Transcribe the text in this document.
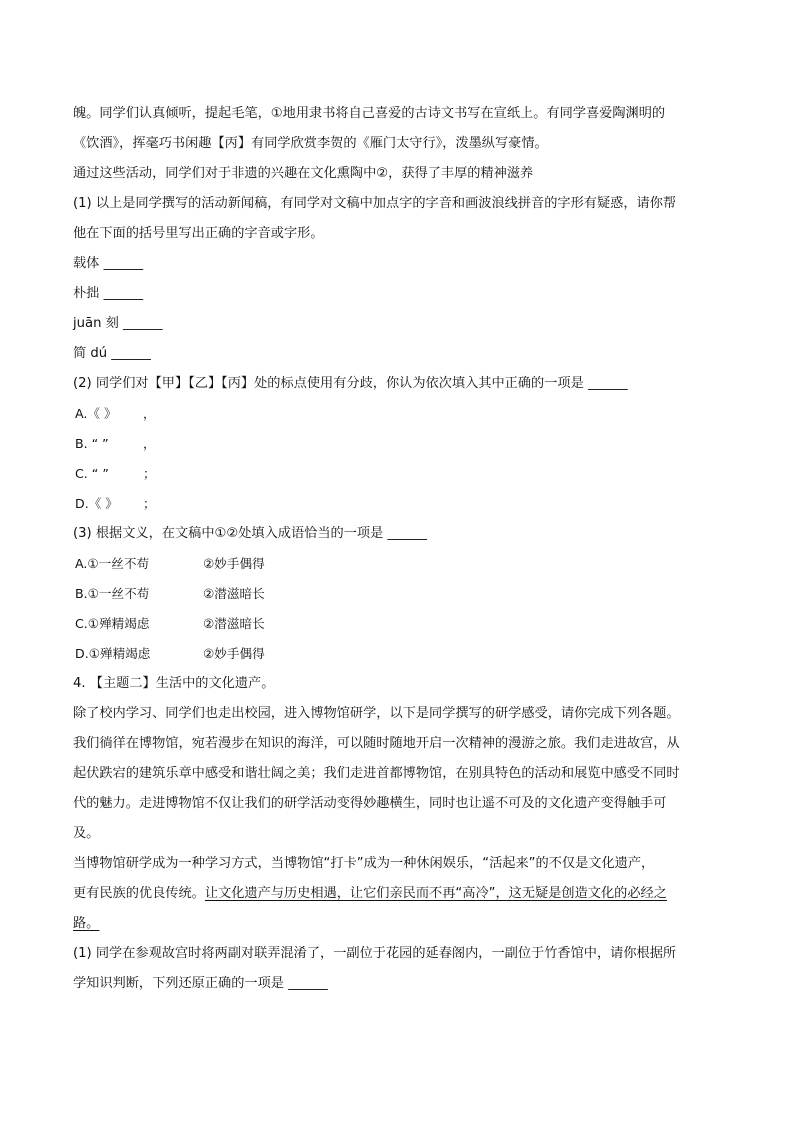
魄。同学们认真倾听，提起毛笔，①地用隶书将自己喜爱的古诗文书写在宣纸上。有同学喜爱陶渊明的
《饮酒》，挥毫巧书闲趣【丙】有同学欣赏李贺的《雁门太守行》，泼墨纵写豪情。
通过这些活动，同学们对于非遗的兴趣在文化熏陶中②，获得了丰厚的精神滋养
(1) 以上是同学撰写的活动新闻稿，有同学对文稿中加点字的字音和画波浪线拼音的字形有疑惑，请你帮
他在下面的括号里写出正确的字音或字形。
载体 ______
朴拙 ______
juān 刻 ______
简 dú ______
(2) 同学们对【甲】【乙】【丙】处的标点使用有分歧，你认为依次填入其中正确的一项是 ______
A.《 》 ，
B. “ ”	，
C. “ ”	；
D.《 》 ；
(3) 根据文义，在文稿中①②处填入成语恰当的一项是 ______
A.①一丝不苟	②妙手偶得
B.①一丝不苟	②潜滋暗长
C.①殚精竭虑	②潜滋暗长
D.①殚精竭虑	②妙手偶得
4. 【主题二】生活中的文化遗产。
除了校内学习、同学们也走出校园，进入博物馆研学，以下是同学撰写的研学感受，请你完成下列各题。
我们徜徉在博物馆，宛若漫步在知识的海洋，可以随时随地开启一次精神的漫游之旅。我们走进故宫，从
起伏跌宕的建筑乐章中感受和谐壮阔之美；我们走进首都博物馆，在别具特色的活动和展览中感受不同时
代的魅力。走进博物馆不仅让我们的研学活动变得妙趣横生，同时也让遥不可及的文化遗产变得触手可
及。
当博物馆研学成为一种学习方式，当博物馆“打卡”成为一种休闲娱乐，“活起来”的不仅是文化遗产，
更有民族的优良传统。让文化遗产与历史相遇，让它们亲民而不再“高冷”，这无疑是创造文化的必经之
路。
(1) 同学在参观故宫时将两副对联弄混淆了，一副位于花园的延春阁内，一副位于竹香馆中，请你根据所
学知识判断，下列还原正确的一项是 ______
